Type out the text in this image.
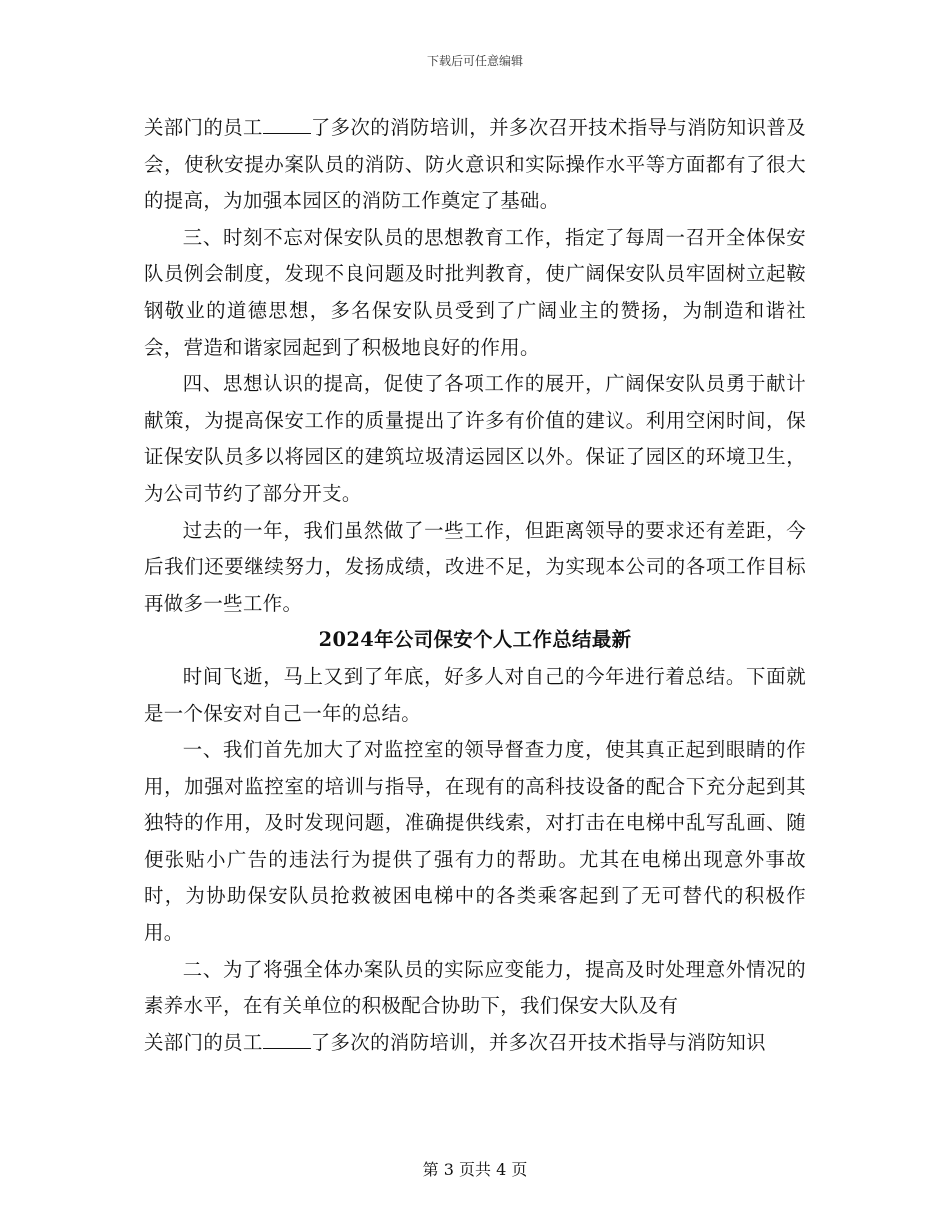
下载后可任意编辑

关部门的员工 了多次的消防培训，并多次召开技术指导与消防知识普及会，使秋安提办案队员的消防、防火意识和实际操作水平等方面都有了很大的提高，为加强本园区的消防工作奠定了基础。

三、时刻不忘对保安队员的思想教育工作，指定了每周一召开全体保安队员例会制度，发现不良问题及时批判教育，使广阔保安队员牢固树立起鞍钢敬业的道德思想，多名保安队员受到了广阔业主的赞扬，为制造和谐社会，营造和谐家园起到了积极地良好的作用。

四、思想认识的提高，促使了各项工作的展开，广阔保安队员勇于献计献策，为提高保安工作的质量提出了许多有价值的建议。利用空闲时间，保证保安队员多以将园区的建筑垃圾清运园区以外。保证了园区的环境卫生，为公司节约了部分开支。

过去的一年，我们虽然做了一些工作，但距离领导的要求还有差距，今后我们还要继续努力，发扬成绩，改进不足，为实现本公司的各项工作目标再做多一些工作。

2024年公司保安个人工作总结最新

时间飞逝，马上又到了年底，好多人对自己的今年进行着总结。下面就是一个保安对自己一年的总结。

一、我们首先加大了对监控室的领导督查力度，使其真正起到眼睛的作用，加强对监控室的培训与指导，在现有的高科技设备的配合下充分起到其独特的作用，及时发现问题，准确提供线索，对打击在电梯中乱写乱画、随便张贴小广告的违法行为提供了强有力的帮助。尤其在电梯出现意外事故时，为协助保安队员抢救被困电梯中的各类乘客起到了无可替代的积极作用。

二、为了将强全体办案队员的实际应变能力，提高及时处理意外情况的素养水平，在有关单位的积极配合协助下，我们保安大队及有

关部门的员工 了多次的消防培训，并多次召开技术指导与消防知识

第 3 页共 4 页
